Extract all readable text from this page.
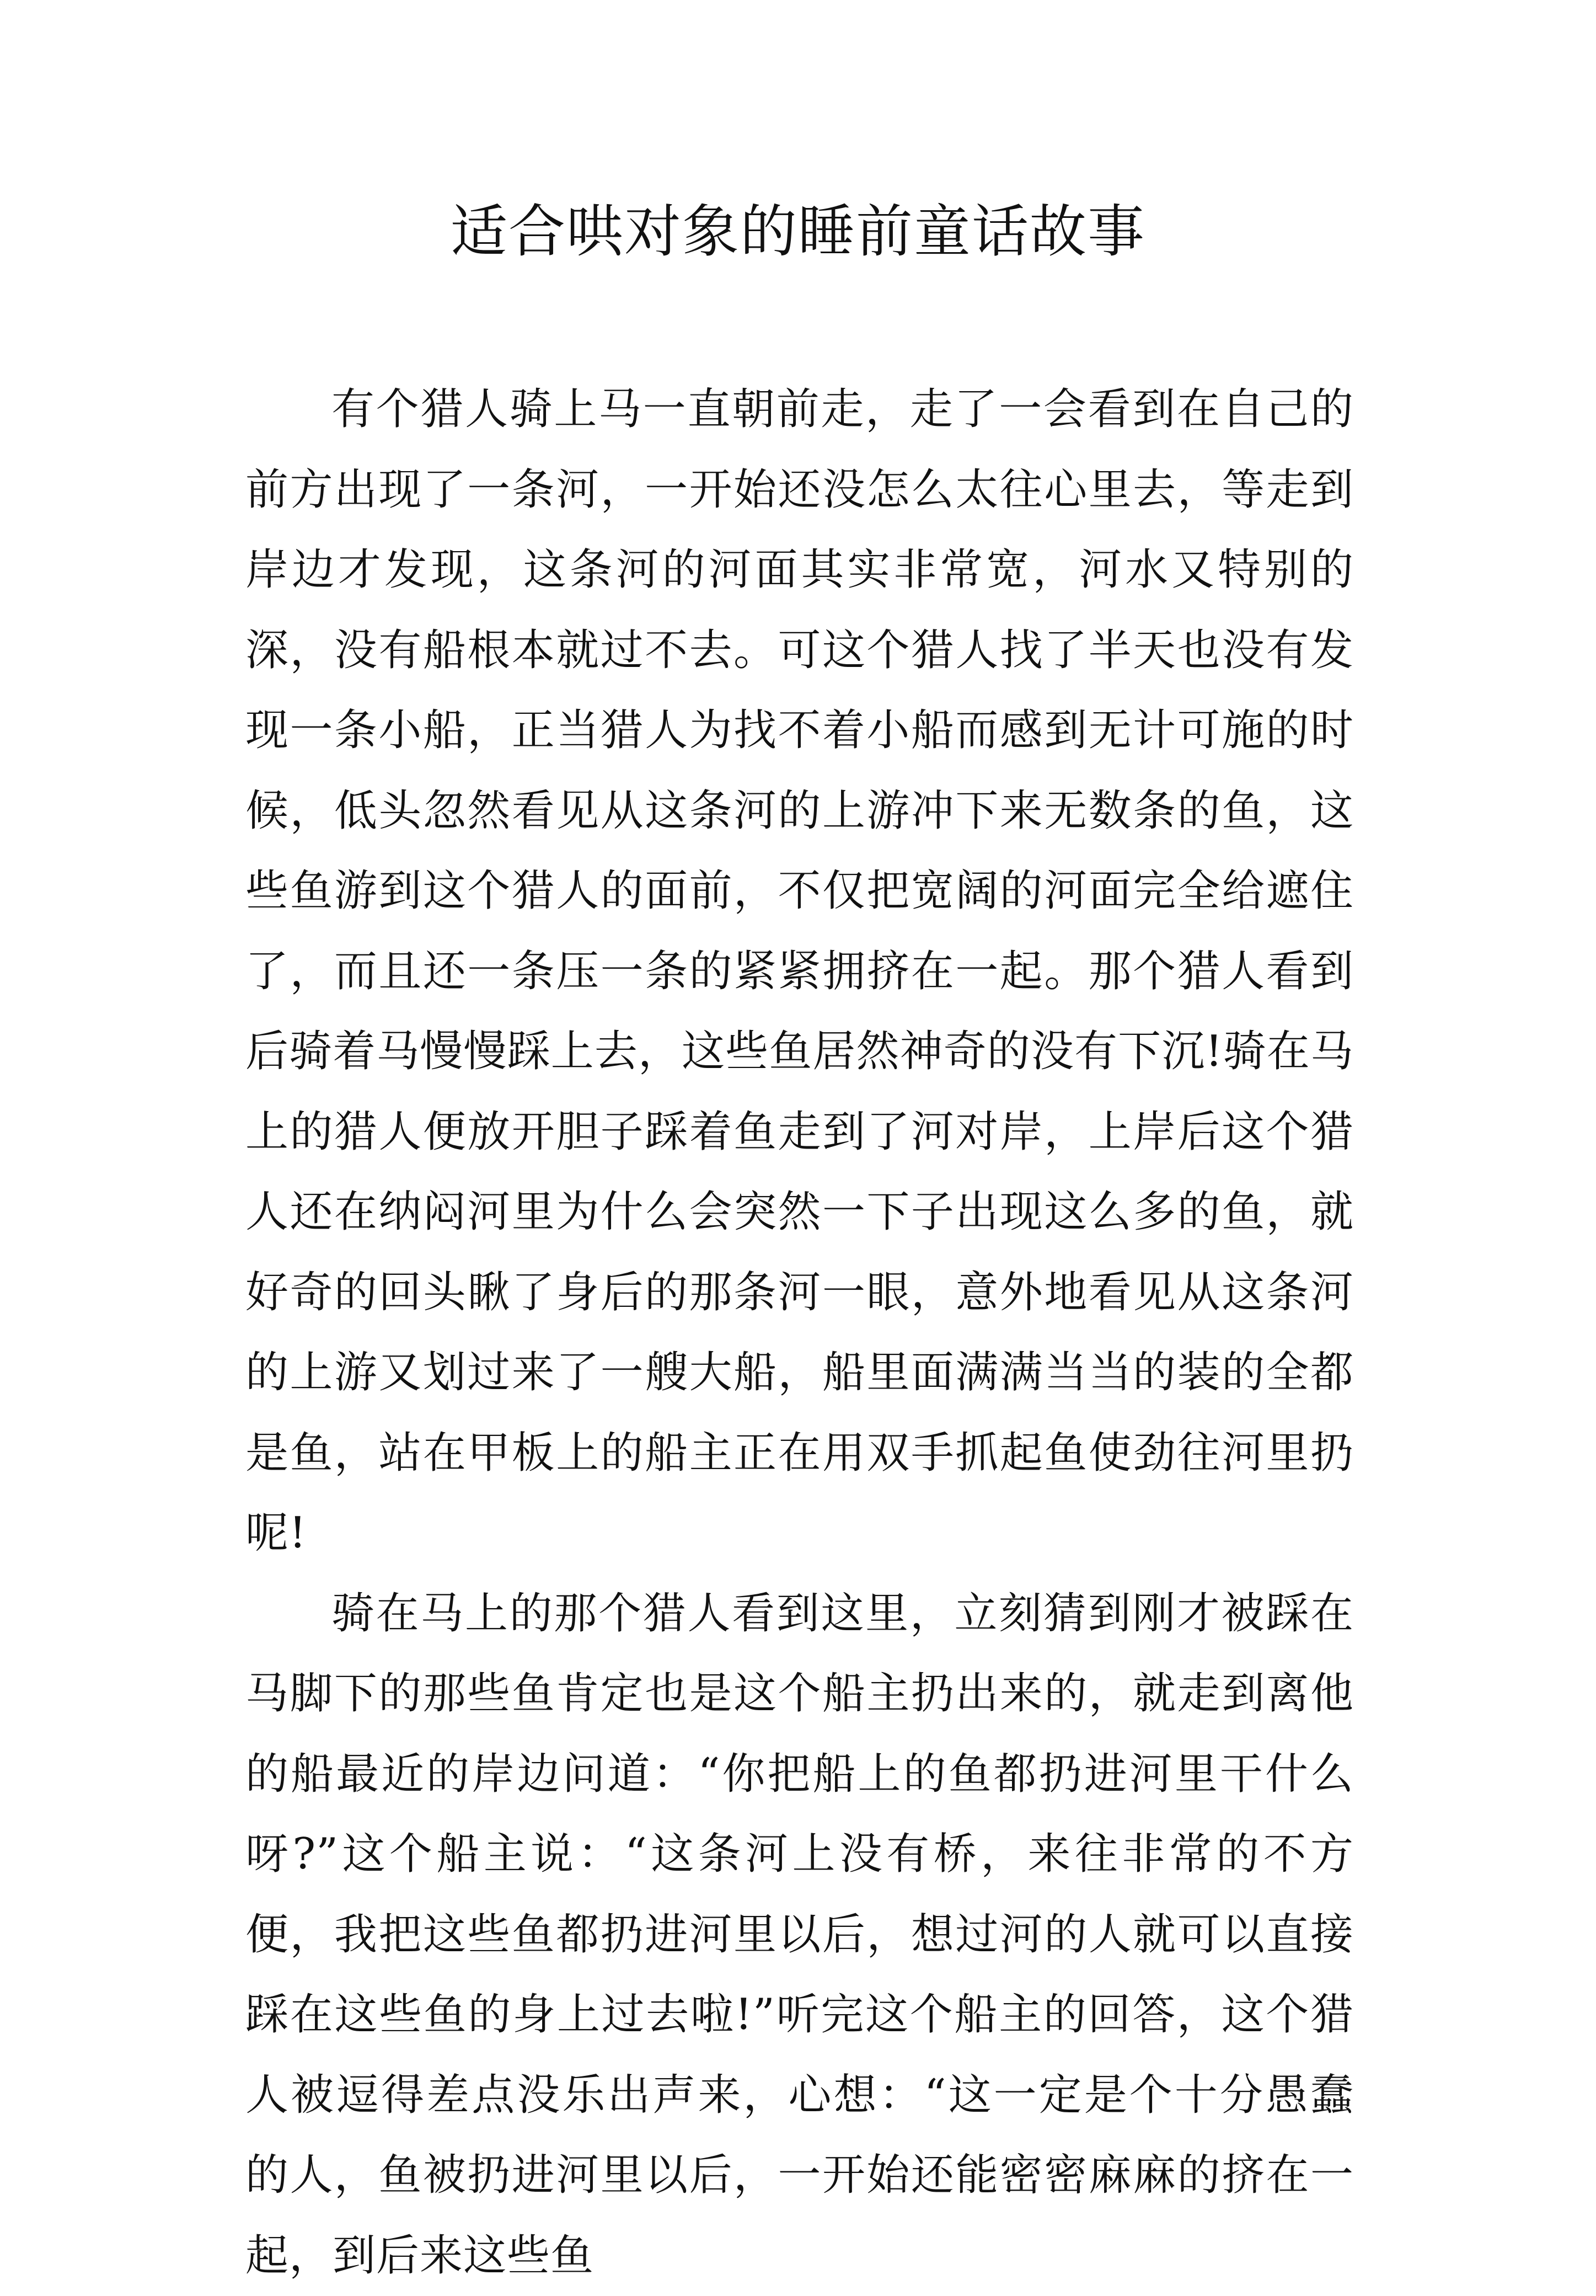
适合哄对象的睡前童话故事

有个猎人骑上马一直朝前走，走了一会看到在自己的前方出现了一条河，一开始还没怎么太往心里去，等走到岸边才发现，这条河的河面其实非常宽，河水又特别的深，没有船根本就过不去。可这个猎人找了半天也没有发现一条小船，正当猎人为找不着小船而感到无计可施的时候，低头忽然看见从这条河的上游冲下来无数条的鱼，这些鱼游到这个猎人的面前，不仅把宽阔的河面完全给遮住了，而且还一条压一条的紧紧拥挤在一起。那个猎人看到后骑着马慢慢踩上去，这些鱼居然神奇的没有下沉!骑在马上的猎人便放开胆子踩着鱼走到了河对岸，上岸后这个猎人还在纳闷河里为什么会突然一下子出现这么多的鱼，就好奇的回头瞅了身后的那条河一眼，意外地看见从这条河的上游又划过来了一艘大船，船里面满满当当的装的全都是鱼，站在甲板上的船主正在用双手抓起鱼使劲往河里扔呢!

骑在马上的那个猎人看到这里，立刻猜到刚才被踩在马脚下的那些鱼肯定也是这个船主扔出来的，就走到离他的船最近的岸边问道：“你把船上的鱼都扔进河里干什么呀?”这个船主说：“这条河上没有桥，来往非常的不方便，我把这些鱼都扔进河里以后，想过河的人就可以直接踩在这些鱼的身上过去啦!”听完这个船主的回答，这个猎人被逗得差点没乐出声来，心想：“这一定是个十分愚蠢的人，鱼被扔进河里以后，一开始还能密密麻麻的挤在一起，到后来这些鱼
